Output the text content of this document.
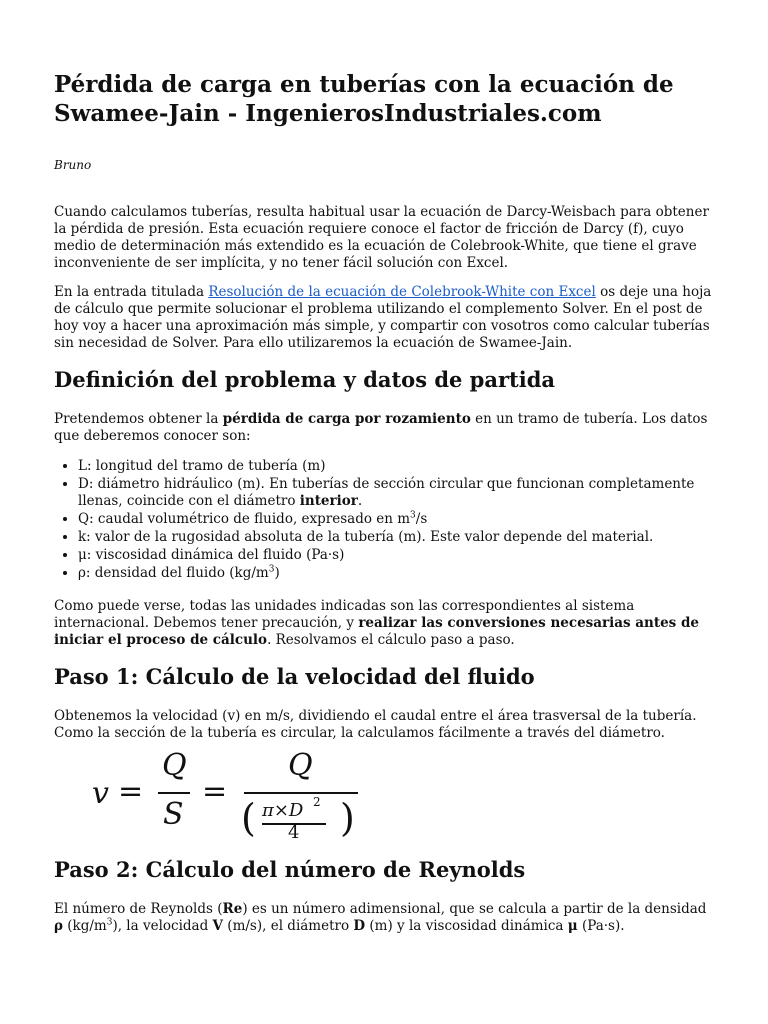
Pérdida de carga en tuberías con la ecuación de Swamee-Jain - IngenierosIndustriales.com
Bruno

Cuando calculamos tuberías, resulta habitual usar la ecuación de Darcy-Weisbach para obtener la pérdida de presión. Esta ecuación requiere conoce el factor de fricción de Darcy (f), cuyo medio de determinación más extendido es la ecuación de Colebrook-White, que tiene el grave inconveniente de ser implícita, y no tener fácil solución con Excel.

En la entrada titulada Resolución de la ecuación de Colebrook-White con Excel os deje una hoja de cálculo que permite solucionar el problema utilizando el complemento Solver. En el post de hoy voy a hacer una aproximación más simple, y compartir con vosotros como calcular tuberías sin necesidad de Solver. Para ello utilizaremos la ecuación de Swamee-Jain.

Definición del problema y datos de partida

Pretendemos obtener la pérdida de carga por rozamiento en un tramo de tubería. Los datos que deberemos conocer son:

• L: longitud del tramo de tubería (m)
• D: diámetro hidráulico (m). En tuberías de sección circular que funcionan completamente llenas, coincide con el diámetro interior.
• Q: caudal volumétrico de fluido, expresado en $m^3/s$
• k: valor de la rugosidad absoluta de la tubería (m). Este valor depende del material.
• μ: viscosidad dinámica del fluido (Pa·s)
• ρ: densidad del fluido $(kg/m^3)$

Como puede verse, todas las unidades indicadas son las correspondientes al sistema internacional. Debemos tener precaución, y realizar las conversiones necesarias antes de iniciar el proceso de cálculo. Resolvamos el cálculo paso a paso.

Paso 1: Cálculo de la velocidad del fluido

Obtenemos la velocidad (v) en m/s, dividiendo el caudal entre el área trasversal de la tubería. Como la sección de la tubería es circular, la calculamos fácilmente a través del diámetro.

v =
Q
S
=
Q
( π×D 2
4 )
Paso 2: Cálculo del número de Reynolds

El número de Reynolds (Re) es un número adimensional, que se calcula a partir de la densidad ρ $(kg/m^3)$, la velocidad V (m/s), el diámetro D (m) y la viscosidad dinámica μ (Pa·s).
